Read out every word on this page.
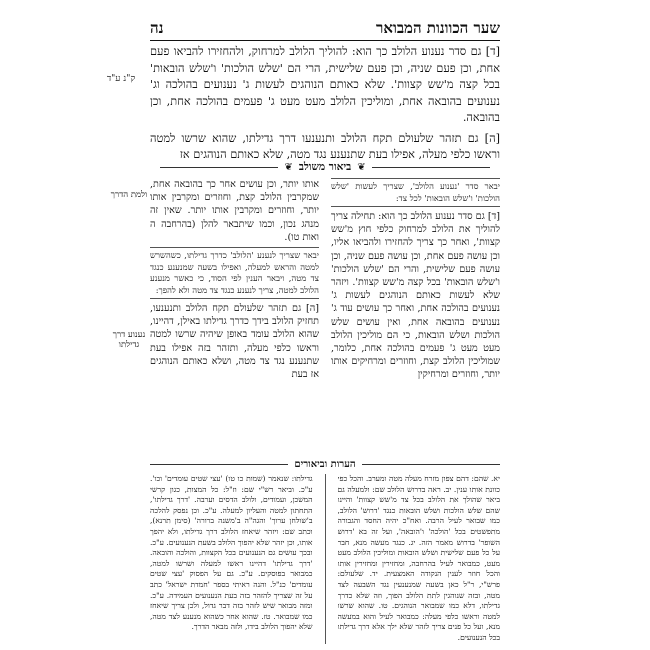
שער הכוונות המבואר
נה

[ד] גם סדר נענוע הלולב כך הוא: להוליך הלולב למרחוק, ולהחזירו להביאו פעם אחת, וכן פעם שניה, וכן פעם שלישית, הרי הם 'שלש הולכות' ו'שלש הובאות' בכל קצה מ'שש קצוות'. שלא כאותם הנוהגים לעשות ג' נענועים בהולכה וג' נענועים בהובאה אחת, ומוליכין הלולב מעט מעט ג' פעמים בהולכה אחת, וכן בהובאה.

[ה] גם תזהר שלעולם תקח הלולב ותנענעו דרך גדילתו, שהוא שרשו למטה וראשו כלפי מעלה, אפילו בעת שתנענע נגד מטה, שלא כאותם הנוהגים אז

ק"נ ע"ד
❦
ביאור משולב
❦

יבאר סדר 'נענוע הלולב', שצריך לעשות 'שלש הולכות' ו'שלש הובאות' לכל צד:

[ד] גם סדר נענוע הלולב כך הוא: תחילה צריך להוליך את הלולב למרחוק כלפי חוץ מ'שש קצוות', ואחר כך צריך להחזירו ולהביאו אליו, וכן עושה פעם אחת, וכן עושה פעם שניה, וכן עושה פעם שלישית, והרי הם 'שלש הולכות' ו'שלש הובאות' בכל קצה מ'שש קצוות'. ויזהר שלא לעשות כאותם הנוהגים לעשות ג' נענועים בהולכה אחת, ואחר כך עושים עוד ג' נענועים בהובאה אחת, ואין עושים שלש הולכות ושלש הובאות, כי הם מוליכין הלולב מעט מעט ג' פעמים בהולכה אחת, כלומר, שמוליכין הלולב קצת, וחוזרים ומרחיקים אותו יותר, וחוזרים ומרחיקין

אותו יותר, וכן עושים אחר כך בהובאה אחת, שמקרבין הלולב קצת, וחוזרים ומקרבין אותו יותר, וחוזרים ומקרבין אותו יותר. שאין זה מנהג נכון, וכמו שיתבאר להלן (בהרחבה ה ואות טו).

יבאר שצריך לנענע 'הלולב' כדרך גדילתו, כשהשרש למטה והראש למעלה, ואפילו בשעה שמנענע כנגד צד מטה, ויבאר הענין לפי הסוד, כי כאשר מנענע הלולב למטה, צריך לנענע כנגד צד מטה ולא להפך:

[ה] גם תזהר שלעולם תקח הלולב ותנענעו, תחזיק הלולב בידך כדרך גדילתו באילן, דהיינו, שהוא הלולב עומד באופן שיהיה שרשו למטה וראשו כלפי מעלה, ותזהר בזה אפילו בעת שתנענע נגד צד מטה, ושלא כאותם הנוהגים אז בעת

ולמת הדרך
נענוע דרך גדילתו
הערות וביאורים

יא. שהם: דהם צפון מזרח מעלה מטה ומערב. והכל כפי כוונת אותו ענין. יב. ראה בדרוש הלולב שם: ולמעלה גם ביאר שהולך את הלולב בכל צד מ'שש קצוות' והיינו שהם שלש הולכות ושלש הובאות כנגד 'דרוש' הלולב, כמו שבואר לעיל הרבה. ואח"כ יהיה החסד והגבורה מתפשטים בכל 'הולכה' ו'הובאה', ועל זה בא 'דרוש השופר' בדרוש מאמר הזה. יג. כנגד מעשה מנא, חבר על כל פעם שלישית ושלש הובאות ומוליכין הלולב מעט מעט, כמבואר לעיל בהרחבה, ומחזירין ומחזירין אותו והכל חוזר לענין הנקודה האמצעית. יד. שלעולם: פרש"י, ר"ל כאן בשעה שמנענעין נגד השבעה לצד מטה, ובזה שנוהגין לתת הלולב הפוך, וזה שלא כדרך גדילתו, דלא כמו שמבואר הנוהגים. טו. שהוא שרשו למטה וראשו כלפי מעלה: כמבואר לעיל והוא במעשה מנא, ועל כל פנים צריך לזהר שלא ילך אלא דרך גדילתו בכל הנענועים.

גדילתו: שנאמר (שמות כו טו) 'עצי שטים עומדים' וכו'. ע"כ. וביאר רש"י שם: וז"ל: כל המצות, כגון קרשי המשכן, ועמודים, ולולב הדסים וערבה. 'דרך גדילתו', התחתון למטה והעליון למעלה. ע"כ. וכן נפסק להלכה ב'שולחן ערוך' והגה"ה ב'משנה ברורה' (סימן תרנא), וכתב שם: ויזהר שיאחז הלולב דרך גדילתו, ולא יהפך אותו, וכן יזהר שלא יהפוך הלולב בשעת הנענועים. ע"כ. ובכך עושים גם הנענועים בכל הקצוות, והולכה והובאה. 'דרך גדילתו' דהיינו ראשו למעלה ושרשו למטה, כמבואר בפוסקים. ע"כ. גם על הפסוק 'עצי שטים עומדים' כנ"ל. והנה ראיתי בספר 'חמדת ישראל' כתב על זה שצריך להזהר בזה בעת הנענועים העמידה. ע"כ. ומזה מבואר שיש לזהר בזה דבר גדול, ולכן צריך שיאחז כמו שמבואר. טז. שהוא אחר כשהוא מנענע לצד מטה, שלא יהפוך הלולב בידו, ולזה מבאר הדרך.
